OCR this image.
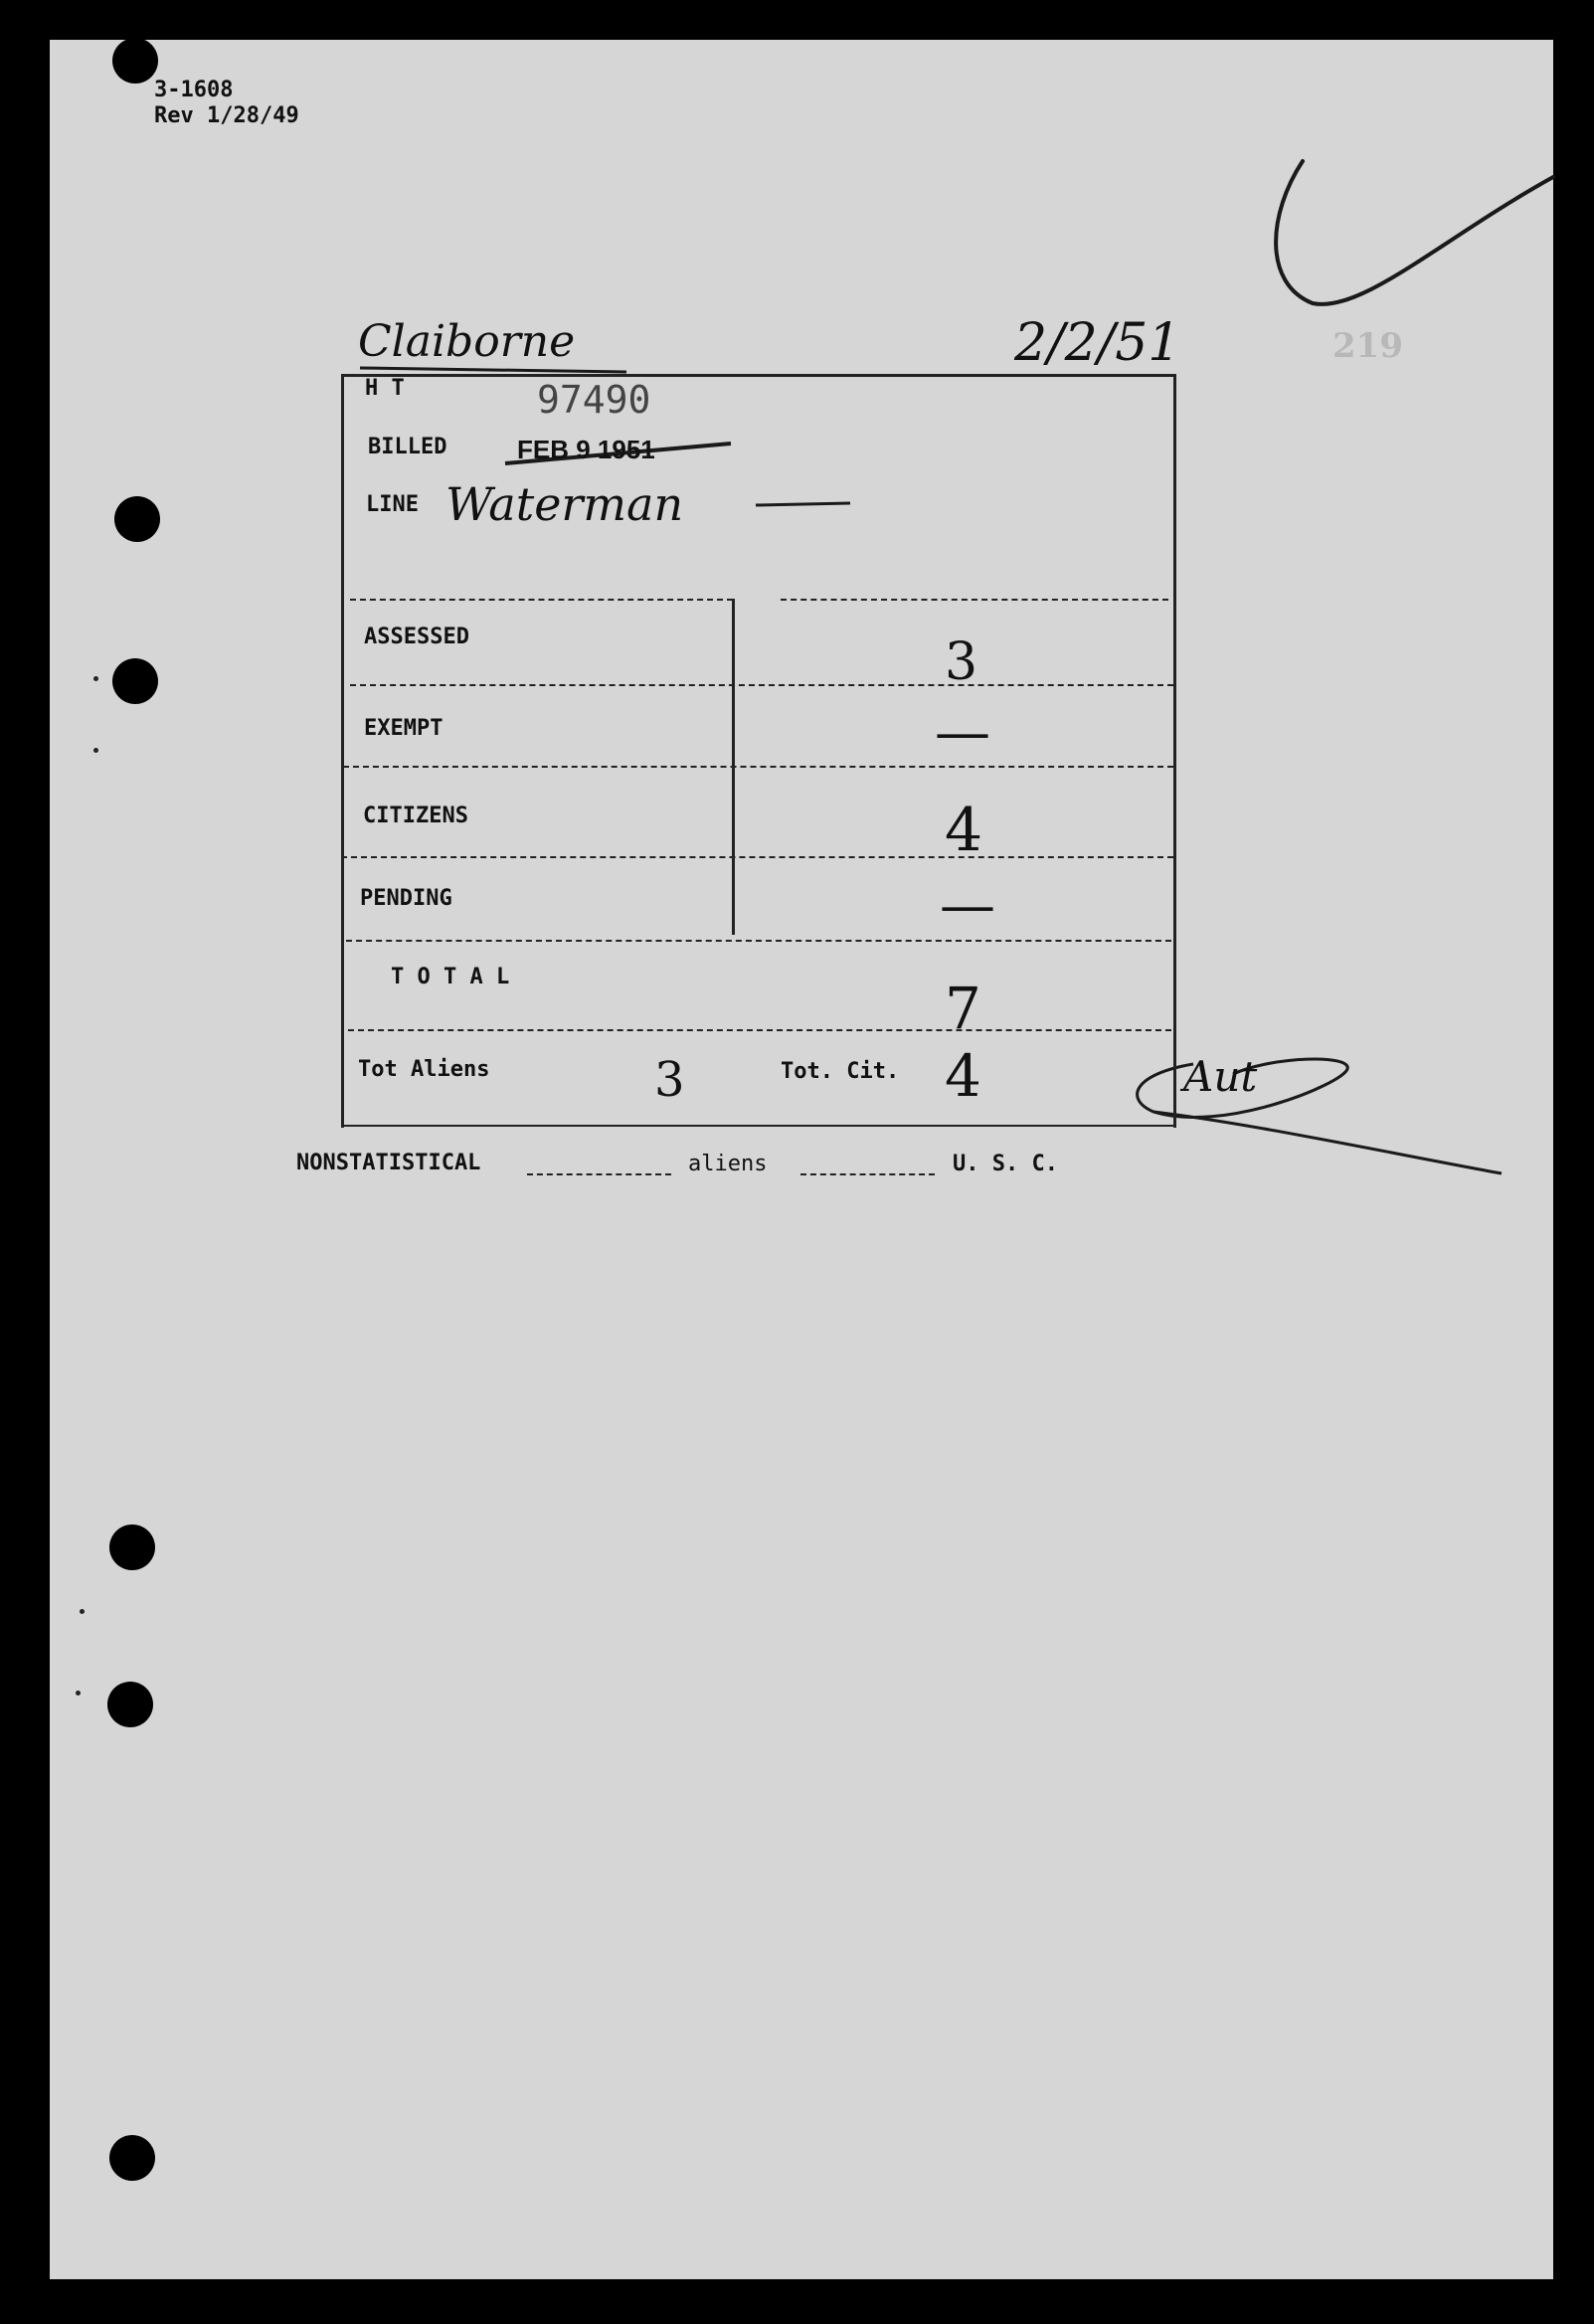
3-1608
Rev 1/28/49
219
Claiborne	2/2/51
H T	97490
BILLED	FEB 9 1951
LINE Waterman
ASSESSED	3
EXEMPT	—
CITIZENS	4
PENDING	—
T O T A L	7
Tot Aliens	3	Tot. Cit. 4	Aut
NONSTATISTICAL	aliens	U. S. C.
